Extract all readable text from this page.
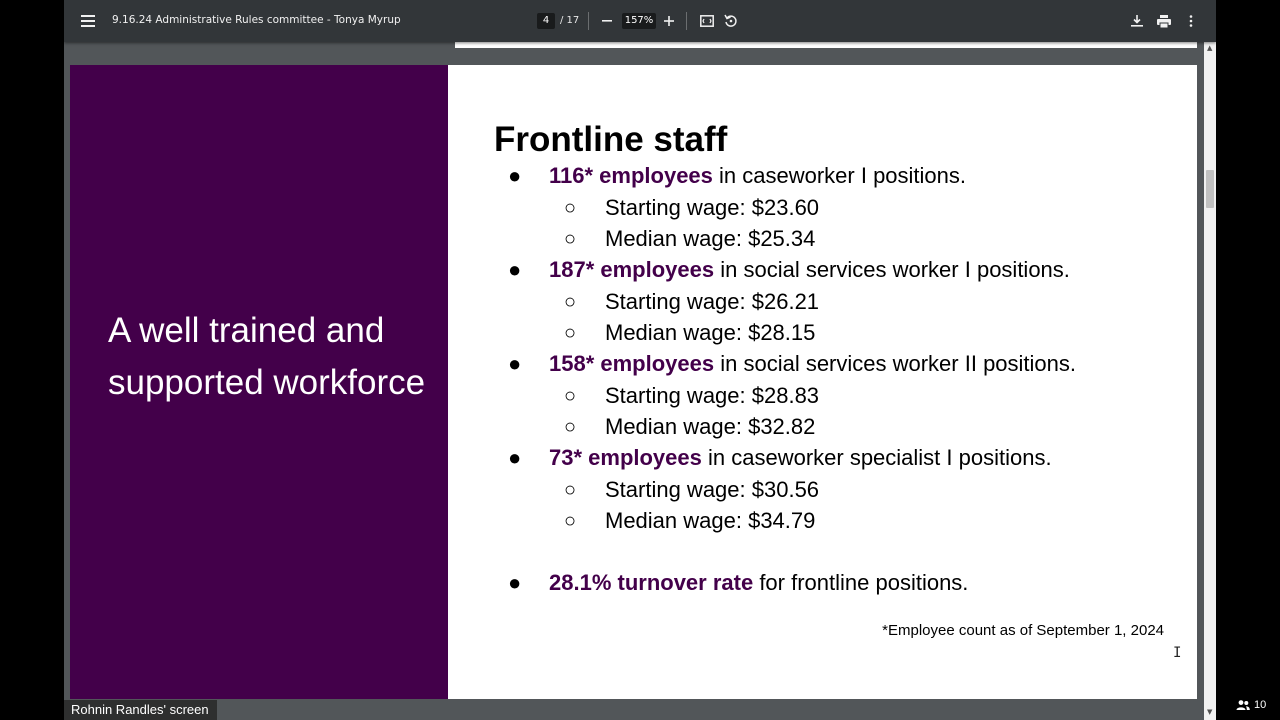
9.16.24 Administrative Rules committee - Tonya Myrup	4	/ 17	157%
A well trained and supported workforce
Frontline staff
● 116* employees in caseworker I positions.
○ Starting wage: $23.60
○ Median wage: $25.34
● 187* employees in social services worker I positions.
○ Starting wage: $26.21
○ Median wage: $28.15
● 158* employees in social services worker II positions.
○ Starting wage: $28.83
○ Median wage: $32.82
● 73* employees in caseworker specialist I positions.
○ Starting wage: $30.56
○ Median wage: $34.79
● 28.1% turnover rate for frontline positions.
*Employee count as of September 1, 2024
▲
▼
I
Rohnin Randles' screen	10
